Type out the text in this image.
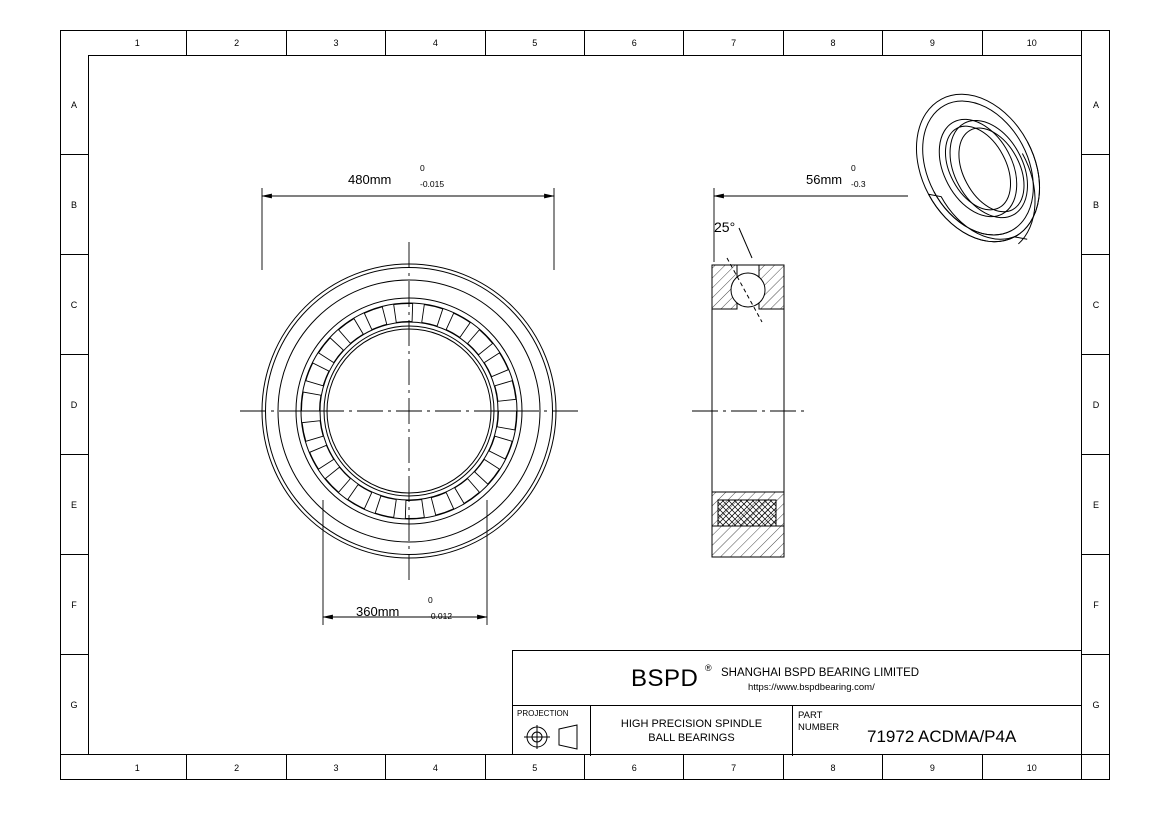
1	2	3	4	5	6	7	8	9	10
1	2	3	4	5	6	7	8	9	10
A
B
C
D
E
F
G
A
B
C
D
E
F
G
480mm
0
-0.015
360mm
0
-0.012
56mm
0
-0.3
25°
BSPD ® SHANGHAI BSPD BEARING LIMITED
https://www.bspdbearing.com/
PROJECTION
HIGH PRECISION SPINDLE
BALL BEARINGS
PART
NUMBER 71972 ACDMA/P4A
